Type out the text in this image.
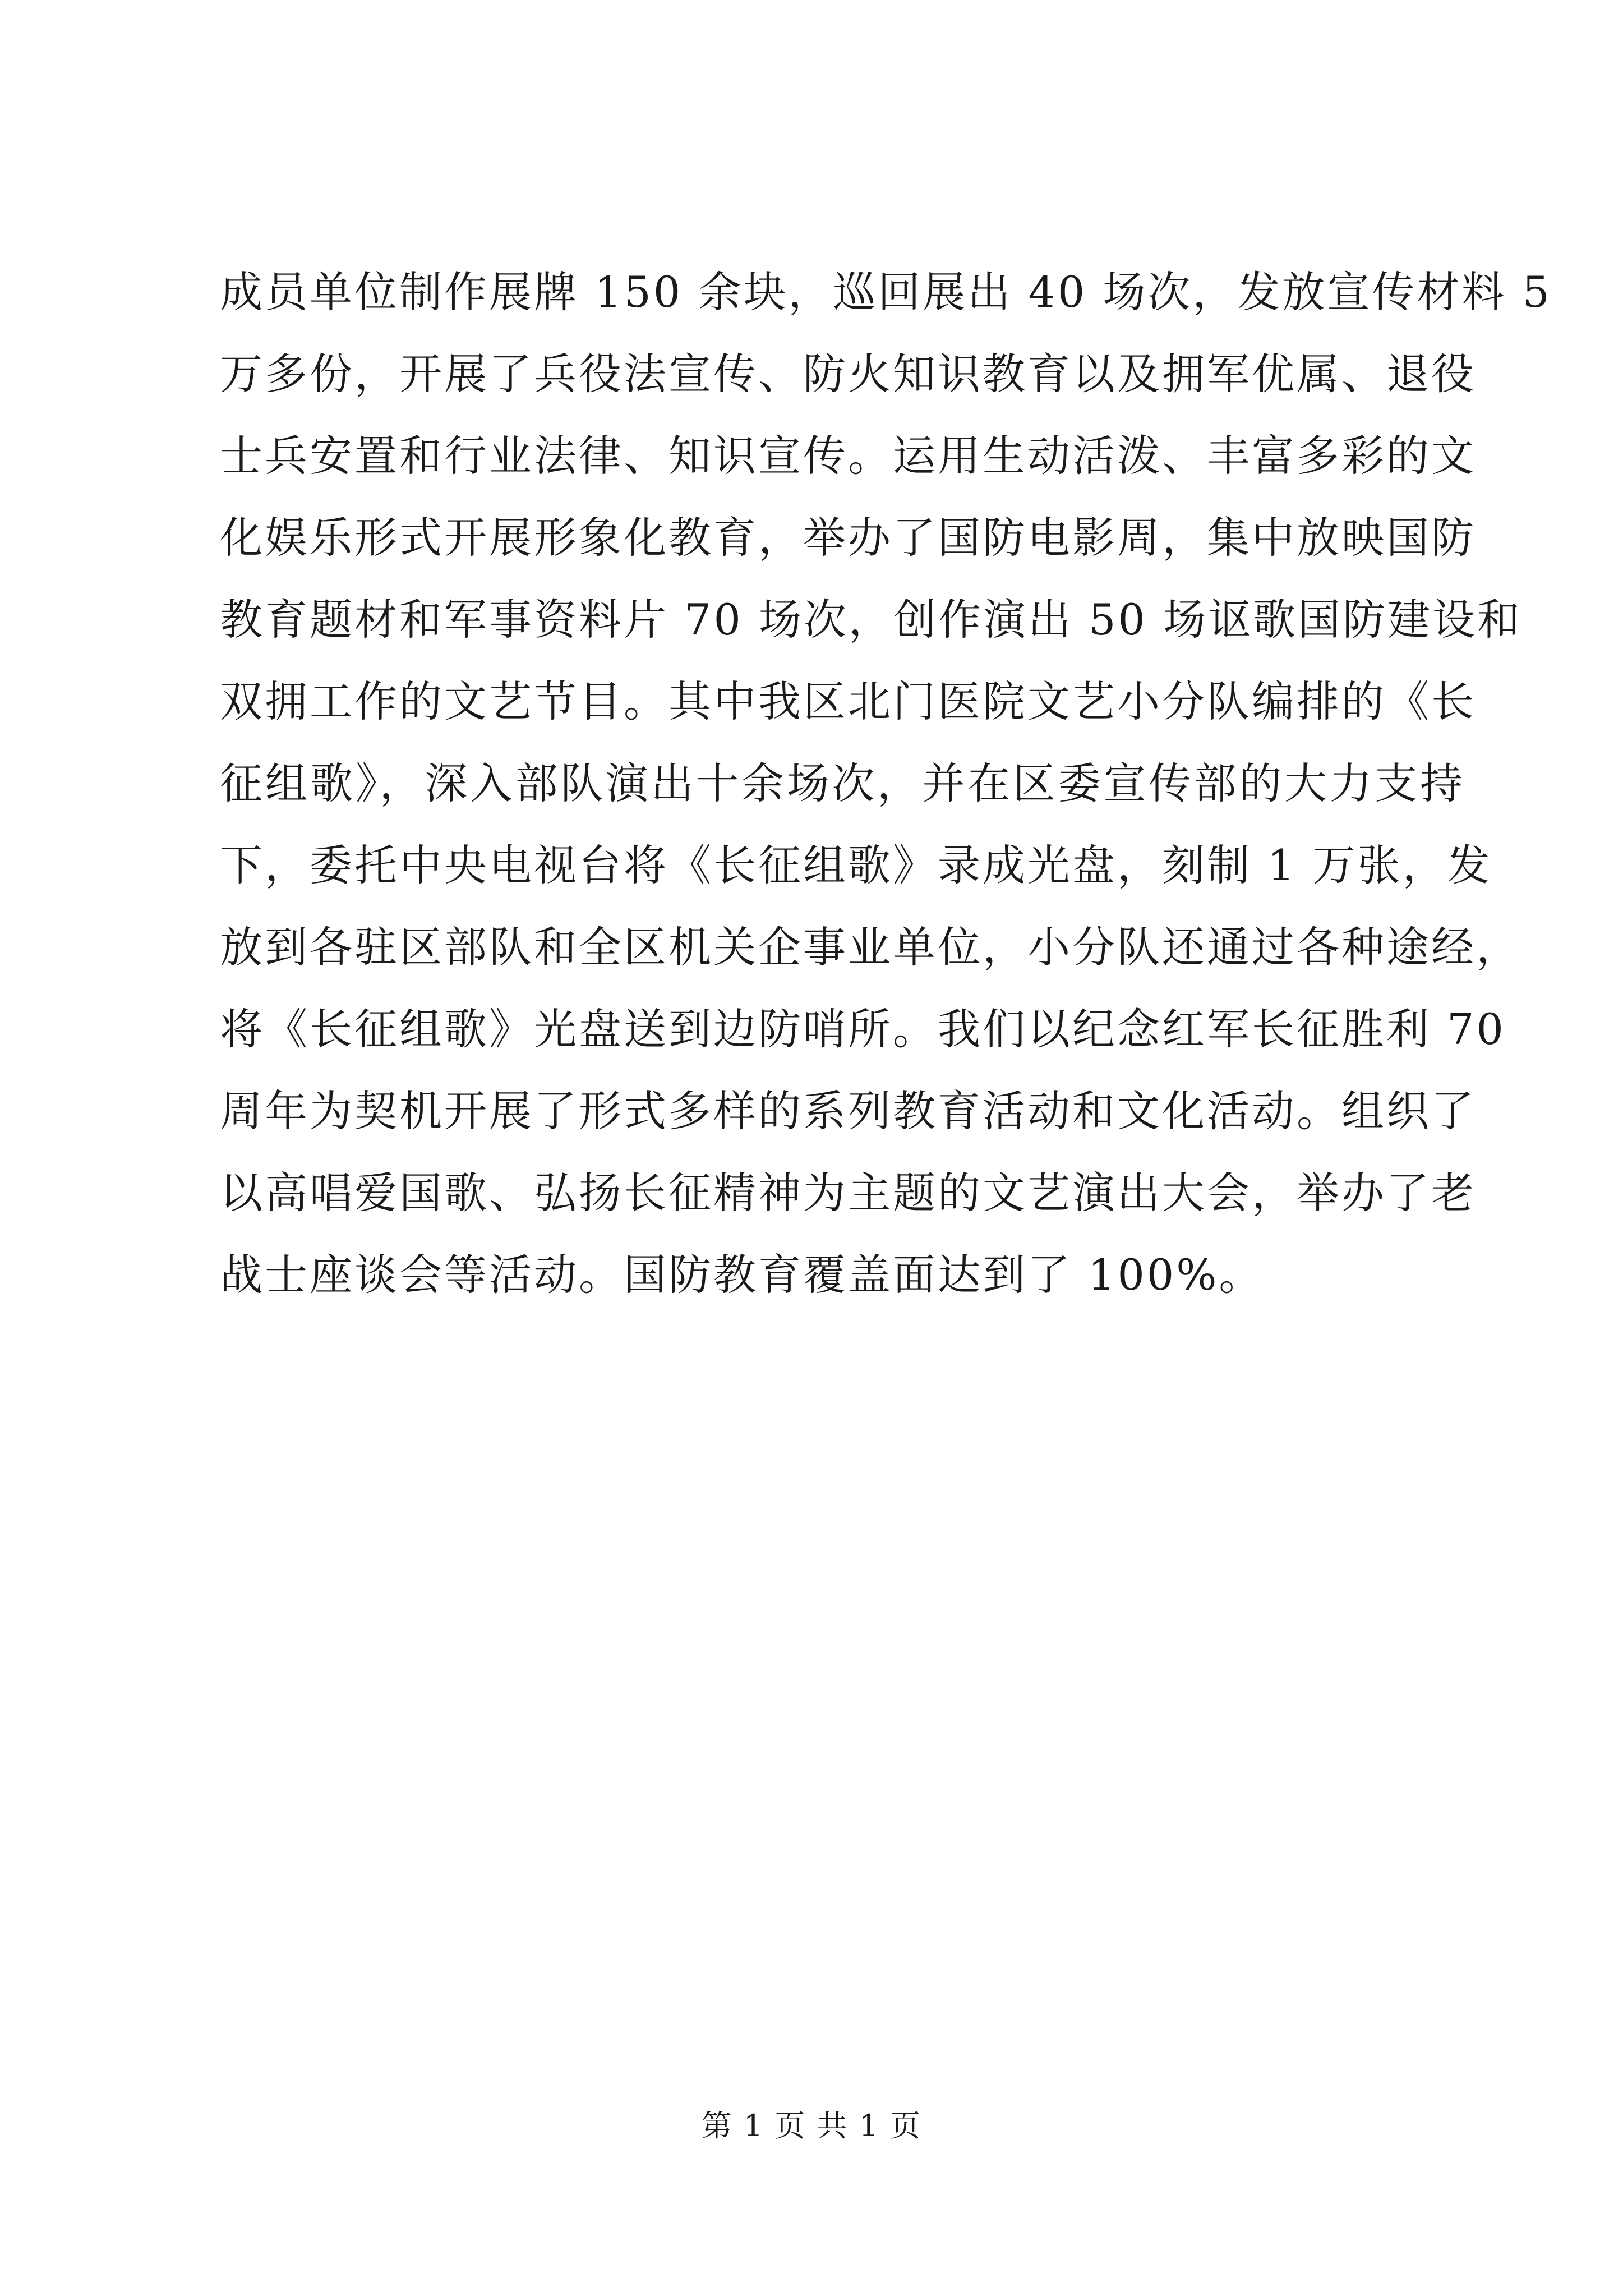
成员单位制作展牌 150 余块，巡回展出 40 场次，发放宣传材料 5
万多份，开展了兵役法宣传、防火知识教育以及拥军优属、退役
士兵安置和行业法律、知识宣传。运用生动活泼、丰富多彩的文
化娱乐形式开展形象化教育，举办了国防电影周，集中放映国防
教育题材和军事资料片 70 场次，创作演出 50 场讴歌国防建设和
双拥工作的文艺节目。其中我区北门医院文艺小分队编排的《长
征组歌》，深入部队演出十余场次，并在区委宣传部的大力支持
下，委托中央电视台将《长征组歌》录成光盘，刻制 1 万张，发
放到各驻区部队和全区机关企事业单位，小分队还通过各种途经，
将《长征组歌》光盘送到边防哨所。我们以纪念红军长征胜利 70
周年为契机开展了形式多样的系列教育活动和文化活动。组织了
以高唱爱国歌、弘扬长征精神为主题的文艺演出大会，举办了老
战士座谈会等活动。国防教育覆盖面达到了 100%。
第 1 页 共 1 页
